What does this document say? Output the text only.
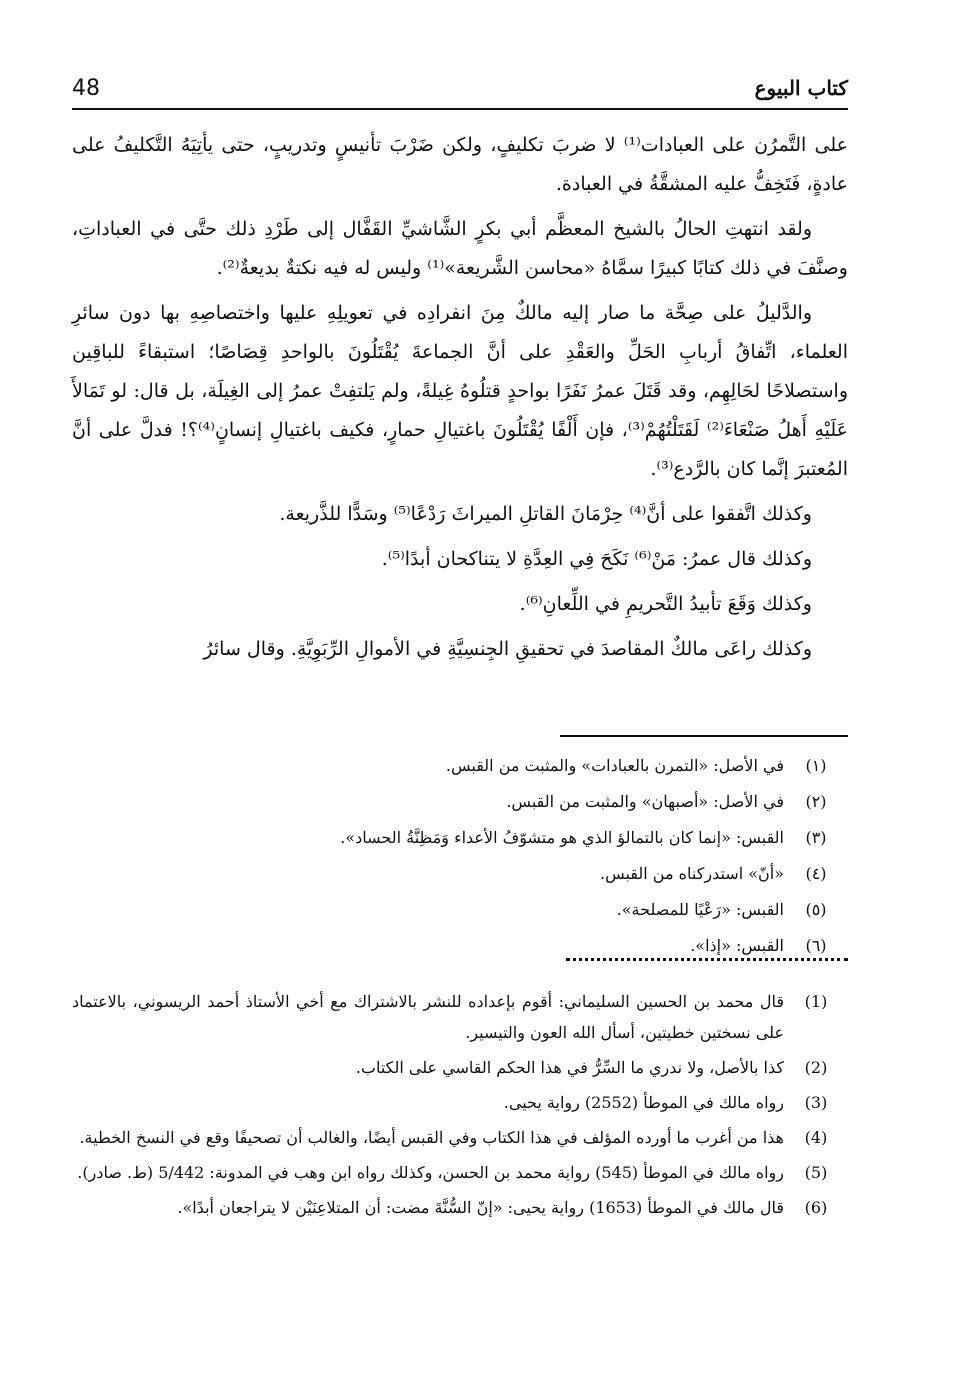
48	كتاب البيوع

على التَّمرُن على العبادات⁽¹⁾ لا ضربَ تكليفٍ، ولكن ضَرْبَ تأنيسٍ وتدريبٍ، حتى يأتِيَهُ التَّكليفُ على عادةٍ، فَتَخِفُّ عليه المشقَّةُ في العبادة.

ولقد انتهتِ الحالُ بالشيخ المعظَّم أبي بكرٍ الشَّاشيِّ القَفَّال إلى طَرْدِ ذلك حتَّى في العباداتِ، وصنَّفَ في ذلك كتابًا كبيرًا سمَّاهُ «محاسن الشَّريعة»⁽¹⁾ وليس له فيه نكتةٌ بديعةٌ⁽²⁾.

والدَّليلُ على صِحَّة ما صار إليه مالكٌ مِنَ انفرادِه في تعويلِهِ عليها واختصاصِهِ بها دون سائرِ العلماء، اتِّفاقُ أربابِ الحَلِّ والعَقْدِ على أنَّ الجماعةَ يُقْتَلُونَ بالواحدِ قِصَاصًا؛ استبقاءً للباقِين واستصلاحًا لحَالِهِم، وقد قَتَلَ عمرُ نَفَرًا بواحدٍ قتلُوهُ غِيلةً، ولم يَلتفِتْ عمرُ إلى الغِيلَة، بل قال: لو تَمَالأَ عَلَيْهِ أَهلُ صَنْعَاءَ⁽²⁾ لَقَتَلْتُهُمْ⁽³⁾، فإن أَلْفًا يُقْتَلُونَ باغتيالِ حمارٍ، فكيف باغتيالِ إنسانٍ⁽⁴⁾؟! فدلَّ على أنَّ المُعتبرَ إنَّما كان بالرَّدع⁽³⁾.

وكذلك اتَّفقوا على أنَّ⁽⁴⁾ حِرْمَانَ القاتلِ الميراثَ رَدْعًا⁽⁵⁾ وسَدًّا للذَّريعة.

وكذلك قال عمرُ: مَنْ⁽⁶⁾ نَكَحَ فِي العِدَّةِ لا يتناكحان أبدًا⁽⁵⁾.

وكذلك وَقَعَ تأبيدُ التَّحريمِ في اللِّعانِ⁽⁶⁾.

وكذلك راعَى مالكٌ المقاصدَ في تحقيقِ الجِنسِيَّةِ في الأموالِ الرِّبَوِيَّةِ. وقال سائرُ

(١)
في الأصل: «التمرن بالعبادات» والمثبت من القبس.
(٢)
في الأصل: «أصبهان» والمثبت من القبس.
(٣)
القبس: «إنما كان بالتمالؤ الذي هو متشوّفُ الأعداء وَمَظِنَّةُ الحساد».
(٤)
«أنّ» استدركناه من القبس.
(٥)
القبس: «رَعْيًا للمصلحة».
(٦)
القبس: «إذا».
(1)
قال محمد بن الحسين السليماني: أقوم بإعداده للنشر بالاشتراك مع أخي الأستاذ أحمد الريسوني، بالاعتماد على نسختين خطيتين، أسأل الله العون والتيسير.
(2)
كذا بالأصل، ولا ندري ما السِّرُّ في هذا الحكم القاسي على الكتاب.
(3)
رواه مالك في الموطأ (2552) رواية يحيى.
(4)
هذا من أغرب ما أورده المؤلف في هذا الكتاب وفي القبس أيضًا، والغالب أن تصحيفًا وقع في النسخ الخطية.
(5)
رواه مالك في الموطأ (545) رواية محمد بن الحسن، وكذلك رواه ابن وهب في المدونة: 5/442 (ط. صادر).
(6)
قال مالك في الموطأ (1653) رواية يحيى: «إنّ السُّنَّةَ مضت: أن المتلاعِنَيْن لا يتراجعان أبدًا».
